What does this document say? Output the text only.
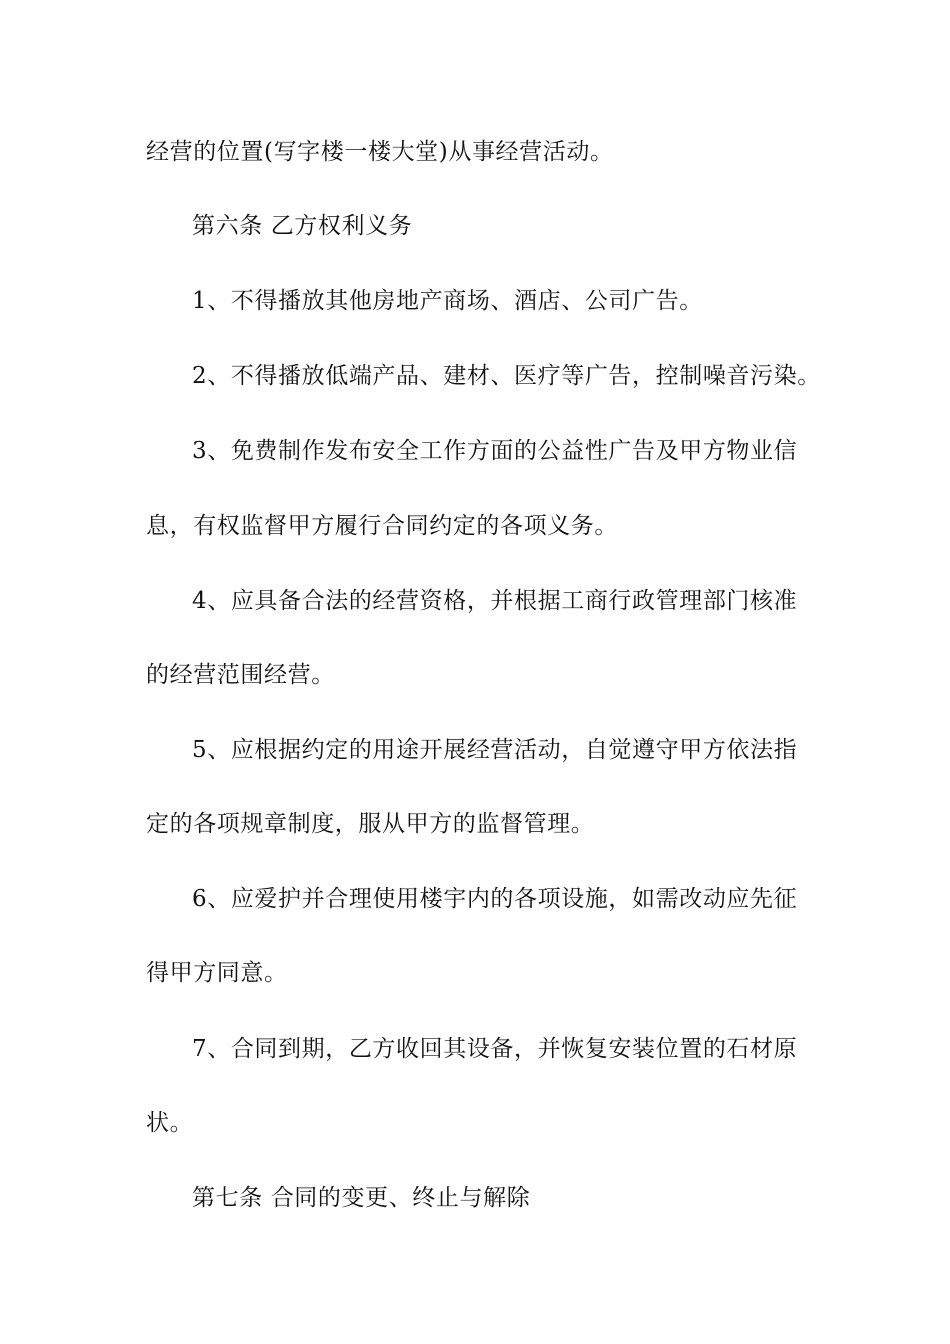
经营的位置(写字楼一楼大堂)从事经营活动。
第六条 乙方权利义务
1、不得播放其他房地产商场、酒店、公司广告。
2、不得播放低端产品、建材、医疗等广告，控制噪音污染。
3、免费制作发布安全工作方面的公益性广告及甲方物业信
息，有权监督甲方履行合同约定的各项义务。
4、应具备合法的经营资格，并根据工商行政管理部门核准
的经营范围经营。
5、应根据约定的用途开展经营活动，自觉遵守甲方依法指
定的各项规章制度，服从甲方的监督管理。
6、应爱护并合理使用楼宇内的各项设施，如需改动应先征
得甲方同意。
7、合同到期，乙方收回其设备，并恢复安装位置的石材原
状。
第七条 合同的变更、终止与解除
